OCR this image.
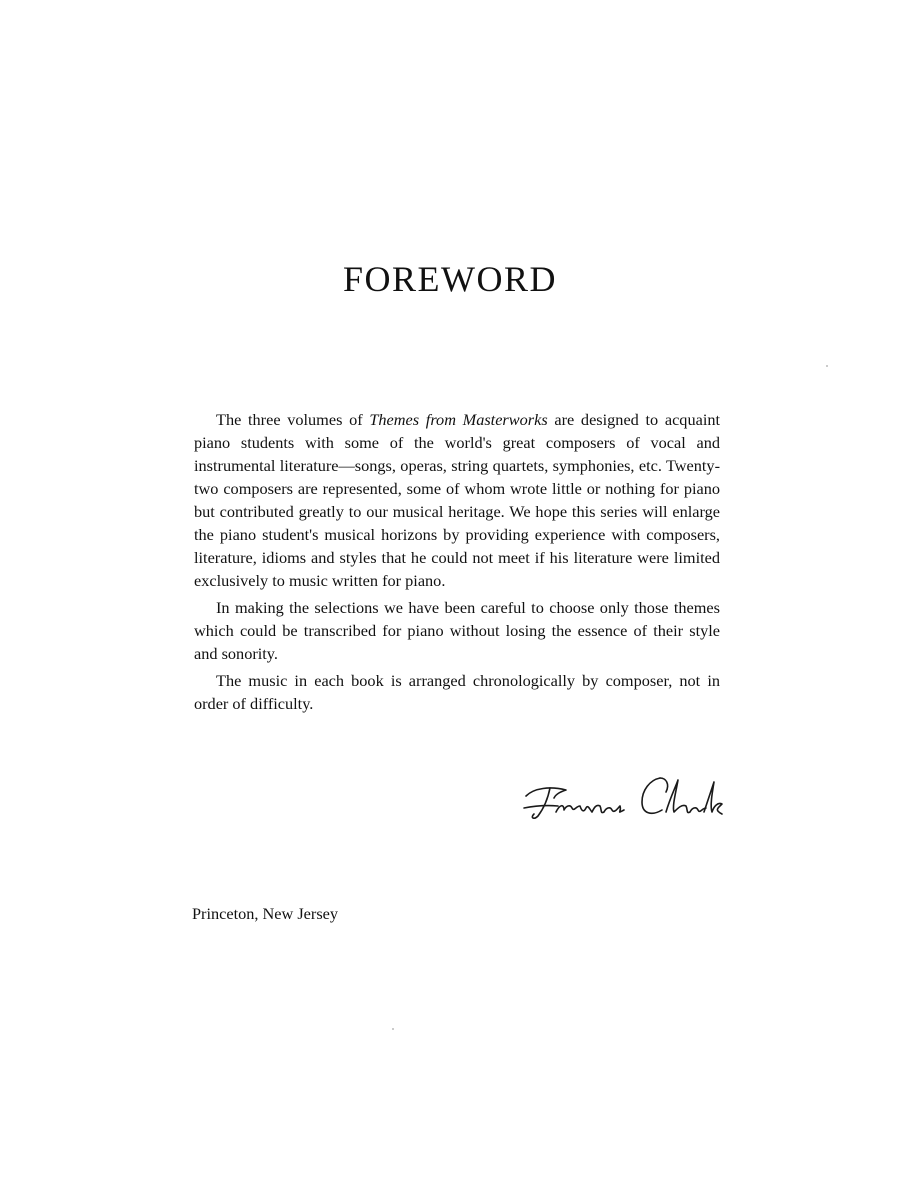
FOREWORD

The three volumes of Themes from Masterworks are designed to acquaint piano students with some of the world's great composers of vocal and instrumental literature—songs, operas, string quartets, symphonies, etc. Twenty-two composers are represented, some of whom wrote little or nothing for piano but contributed greatly to our musical heritage. We hope this series will enlarge the piano student's musical horizons by providing experience with composers, literature, idioms and styles that he could not meet if his literature were limited exclusively to music written for piano.

In making the selections we have been careful to choose only those themes which could be transcribed for piano without losing the essence of their style and sonority.

The music in each book is arranged chronologically by composer, not in order of difficulty.

Princeton, New Jersey
